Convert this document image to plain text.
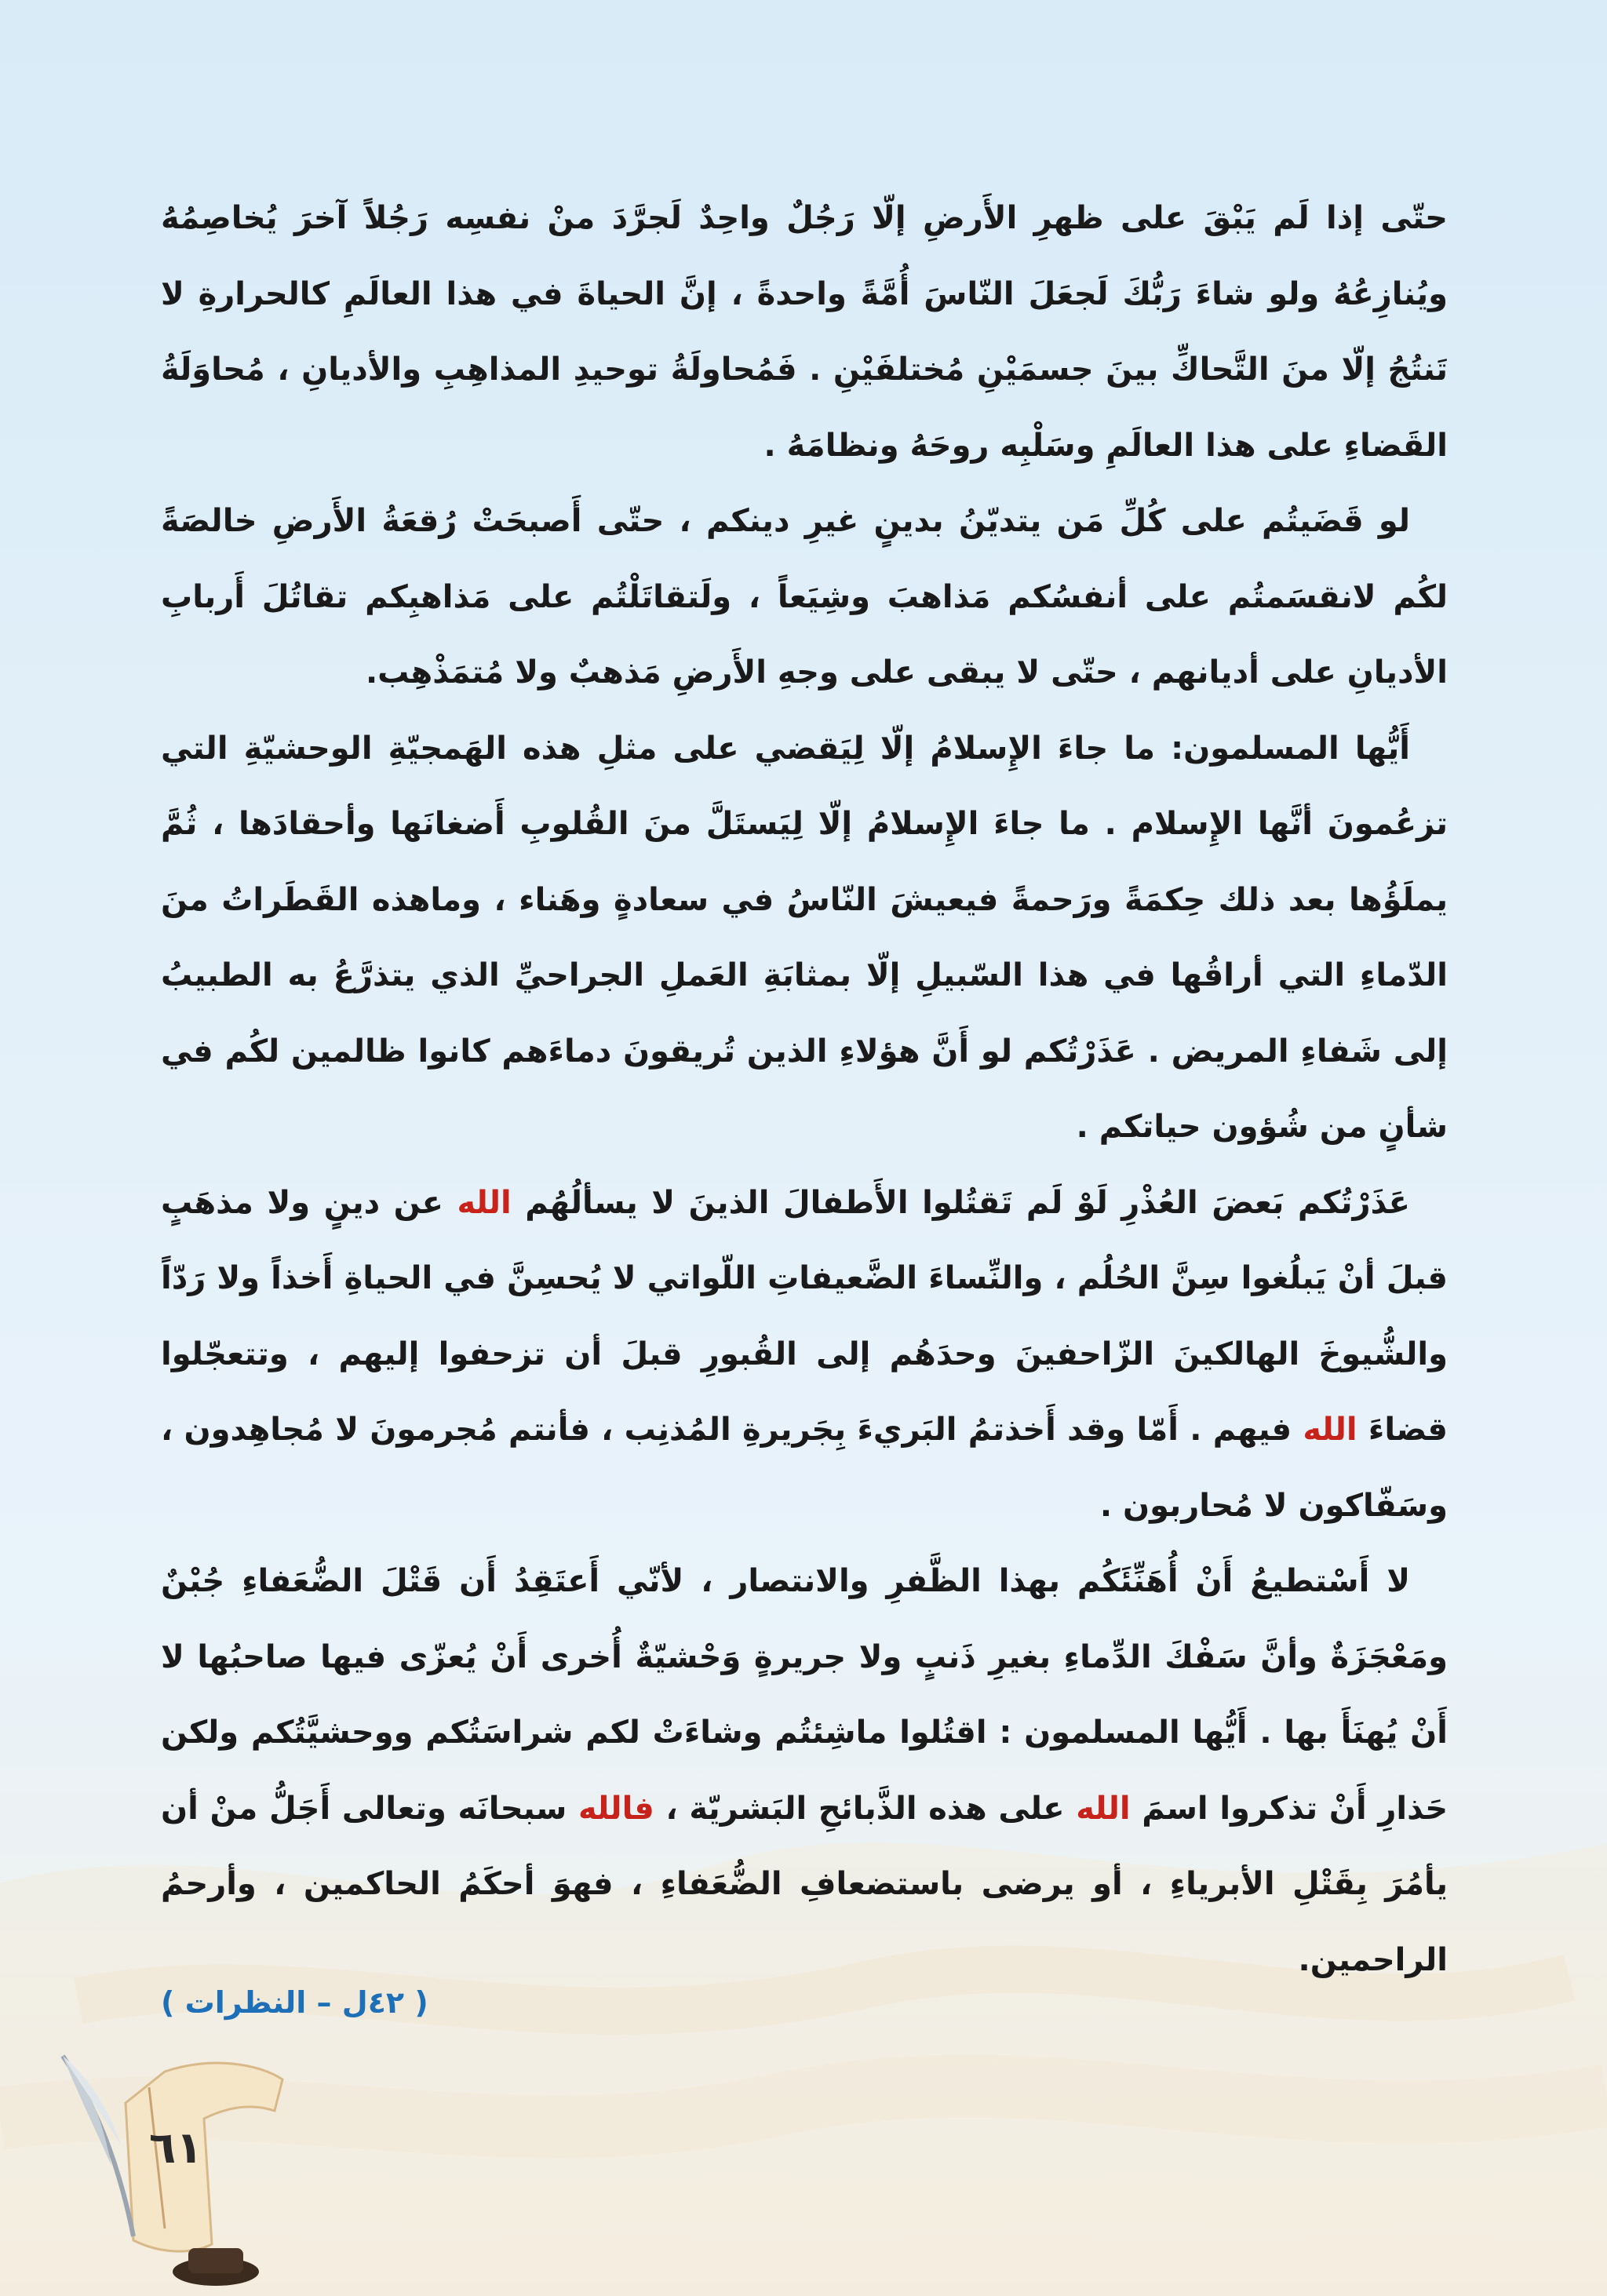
حتّى إذا لَم يَبْقَ على ظهرِ الأَرضِ إلّا رَجُلٌ واحِدٌ لَجرَّدَ منْ نفسِه رَجُلاً آخرَ يُخاصِمُهُ ويُنازِعُهُ ولو شاءَ رَبُّكَ لَجعَلَ النّاسَ أُمَّةً واحدةً ، إنَّ الحياةَ في هذا العالَمِ كالحرارةِ لا تَنتُجُ إلّا منَ التَّحاكِّ بينَ جسمَيْنِ مُختلفَيْنِ . فَمُحاولَةُ توحيدِ المذاهِبِ والأديانِ ، مُحاوَلَةُ القَضاءِ على هذا العالَمِ وسَلْبِه روحَهُ ونظامَهُ .

لو قَضَيتُم على كُلِّ مَن يتديّنُ بدينٍ غيرِ دينكم ، حتّى أَصبحَتْ رُقعَةُ الأَرضِ خالصَةً لكُم لانقسَمتُم على أنفسُكم مَذاهبَ وشِيَعاً ، ولَتقاتَلْتُم على مَذاهبِكم تقاتُلَ أَربابِ الأديانِ على أديانهم ، حتّى لا يبقى على وجهِ الأَرضِ مَذهبٌ ولا مُتمَذْهِب.

أَيُّها المسلمون: ما جاءَ الإِسلامُ إلّا لِيَقضي على مثلِ هذه الهَمجيّةِ الوحشيّةِ التي تزعُمونَ أنَّها الإِسلام . ما جاءَ الإِسلامُ إلّا لِيَستَلَّ منَ القُلوبِ أَضغانَها وأحقادَها ، ثُمَّ يملَؤُها بعد ذلك حِكمَةً ورَحمةً فيعيشَ النّاسُ في سعادةٍ وهَناء ، وماهذه القَطَراتُ منَ الدّماءِ التي أراقُها في هذا السّبيلِ إلّا بمثابَةِ العَملِ الجراحيِّ الذي يتذرَّعُ به الطبيبُ إلى شَفاءِ المريض . عَذَرْتُكم لو أَنَّ هؤلاءِ الذين تُريقونَ دماءَهم كانوا ظالمين لكُم في شأنٍ من شُؤون حياتكم .

عَذَرْتُكم بَعضَ العُذْرِ لَوْ لَم تَقتُلوا الأَطفالَ الذينَ لا يسألُهُم الله عن دينٍ ولا مذهَبٍ قبلَ أنْ يَبلُغوا سِنَّ الحُلُم ، والنِّساءَ الضَّعيفاتِ اللّواتي لا يُحسِنَّ في الحياةِ أَخذاً ولا رَدّاً والشُّيوخَ الهالكينَ الزّاحفينَ وحدَهُم إلى القُبورِ قبلَ أن تزحفوا إليهم ، وتتعجّلوا قضاءَ الله فيهم . أَمّا وقد أَخذتمُ البَريءَ بِجَريرةِ المُذنِب ، فأنتم مُجرمونَ لا مُجاهِدون ، وسَفّاكون لا مُحاربون .

لا أَسْتطيعُ أَنْ أُهَنِّئَكُم بهذا الظَّفرِ والانتصار ، لأنّي أَعتَقِدُ أَن قَتْلَ الضُّعَفاءِ جُبْنٌ ومَعْجَزَةٌ وأنَّ سَفْكَ الدِّماءِ بغيرِ ذَنبٍ ولا جريرةٍ وَحْشيّةٌ أُخرى أَنْ يُعزّى فيها صاحبُها لا أَنْ يُهنَأَ بها . أَيُّها المسلمون : اقتُلوا ماشِئتُم وشاءَتْ لكم شراسَتُكم ووحشيَّتُكم ولكن حَذارِ أَنْ تذكروا اسمَ الله على هذه الذَّبائحِ البَشريّة ، فالله سبحانَه وتعالى أَجَلُّ منْ أن يأمُرَ بِقَتْلِ الأبرياءِ ، أو يرضى باستضعافِ الضُّعَفاءِ ، فهوَ أحكَمُ الحاكمين ، وأرحمُ الراحمين.

( ٤٢ل – النظرات )
٦١
